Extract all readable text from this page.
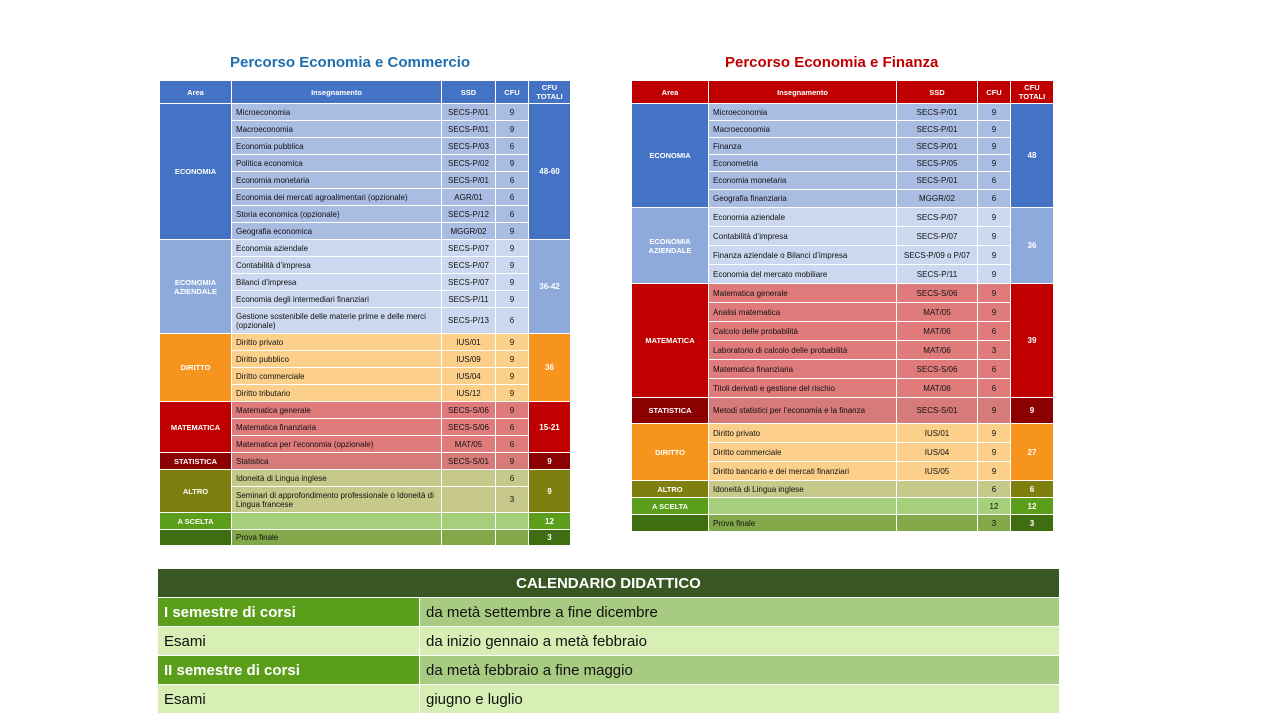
Percorso Economia e Commercio	Percorso Economia e Finanza
Area	Insegnamento	SSD	CFU	CFU TOTALI
ECONOMIA	Microeconomia	SECS-P/01	9	48-60
	Macroeconomia	SECS-P/01	9	
	Economia pubblica	SECS-P/03	6	
	Politica economica	SECS-P/02	9	
	Economia monetaria	SECS-P/01	6	
	Economia dei mercati agroalimentari (opzionale)	AGR/01	6	
	Storia economica (opzionale)	SECS-P/12	6	
	Geografia economica	MGGR/02	9	
ECONOMIA AZIENDALE	Economia aziendale	SECS-P/07	9	36-42
	Contabilità d’impresa	SECS-P/07	9	
	Bilanci d’impresa	SECS-P/07	9	
	Economia degli intermediari finanziari	SECS-P/11	9	
	Gestione sostenibile delle materie prime e delle merci (opzionale)	SECS-P/13	6	
DIRITTO	Diritto privato	IUS/01	9	36
	Diritto pubblico	IUS/09	9	
	Diritto commerciale	IUS/04	9	
	Diritto tributario	IUS/12	9	
MATEMATICA	Matematica generale	SECS-S/06	9	15-21
	Matematica finanziaria	SECS-S/06	6	
	Matematica per l’economia (opzionale)	MAT/05	6	
STATISTICA	Statistica	SECS-S/01	9	9
ALTRO	Idoneità di Lingua inglese		6	9
	Seminari di approfondimento professionale o Idoneità di Lingua francese		3	
A SCELTA				12
	Prova finale			3
Area	Insegnamento	SSD	CFU	CFU TOTALI
ECONOMIA	Microeconomia	SECS-P/01	9	48
	Macroeconomia	SECS-P/01	9	
	Finanza	SECS-P/01	9	
	Econometria	SECS-P/05	9	
	Economia monetaria	SECS-P/01	6	
	Geografia finanziaria	MGGR/02	6	
ECONOMIA AZIENDALE	Economia aziendale	SECS-P/07	9	36
	Contabilità d’impresa	SECS-P/07	9	
	Finanza aziendale o Bilanci d’impresa	SECS-P/09 o P/07	9	
	Economia del mercato mobiliare	SECS-P/11	9	
MATEMATICA	Matematica generale	SECS-S/06	9	39
	Analisi matematica	MAT/05	9	
	Calcolo delle probabilità	MAT/06	6	
	Laboratorio di calcolo delle probabilità	MAT/06	3	
	Matematica finanziaria	SECS-S/06	6	
	Titoli derivati e gestione del rischio	MAT/06	6	
STATISTICA	Metodi statistici per l’economia e la finanza	SECS-S/01	9	9
DIRITTO	Diritto privato	IUS/01	9	27
	Diritto commerciale	IUS/04	9	
	Diritto bancario e dei mercati finanziari	IUS/05	9	
ALTRO	Idoneità di Lingua inglese		6	6
A SCELTA			12	12
	Prova finale		3	3
CALENDARIO DIDATTICO	
I semestre di corsi	da metà settembre a fine dicembre
Esami	da inizio gennaio a metà febbraio
II semestre di corsi	da metà febbraio a fine maggio
Esami	giugno e luglio
